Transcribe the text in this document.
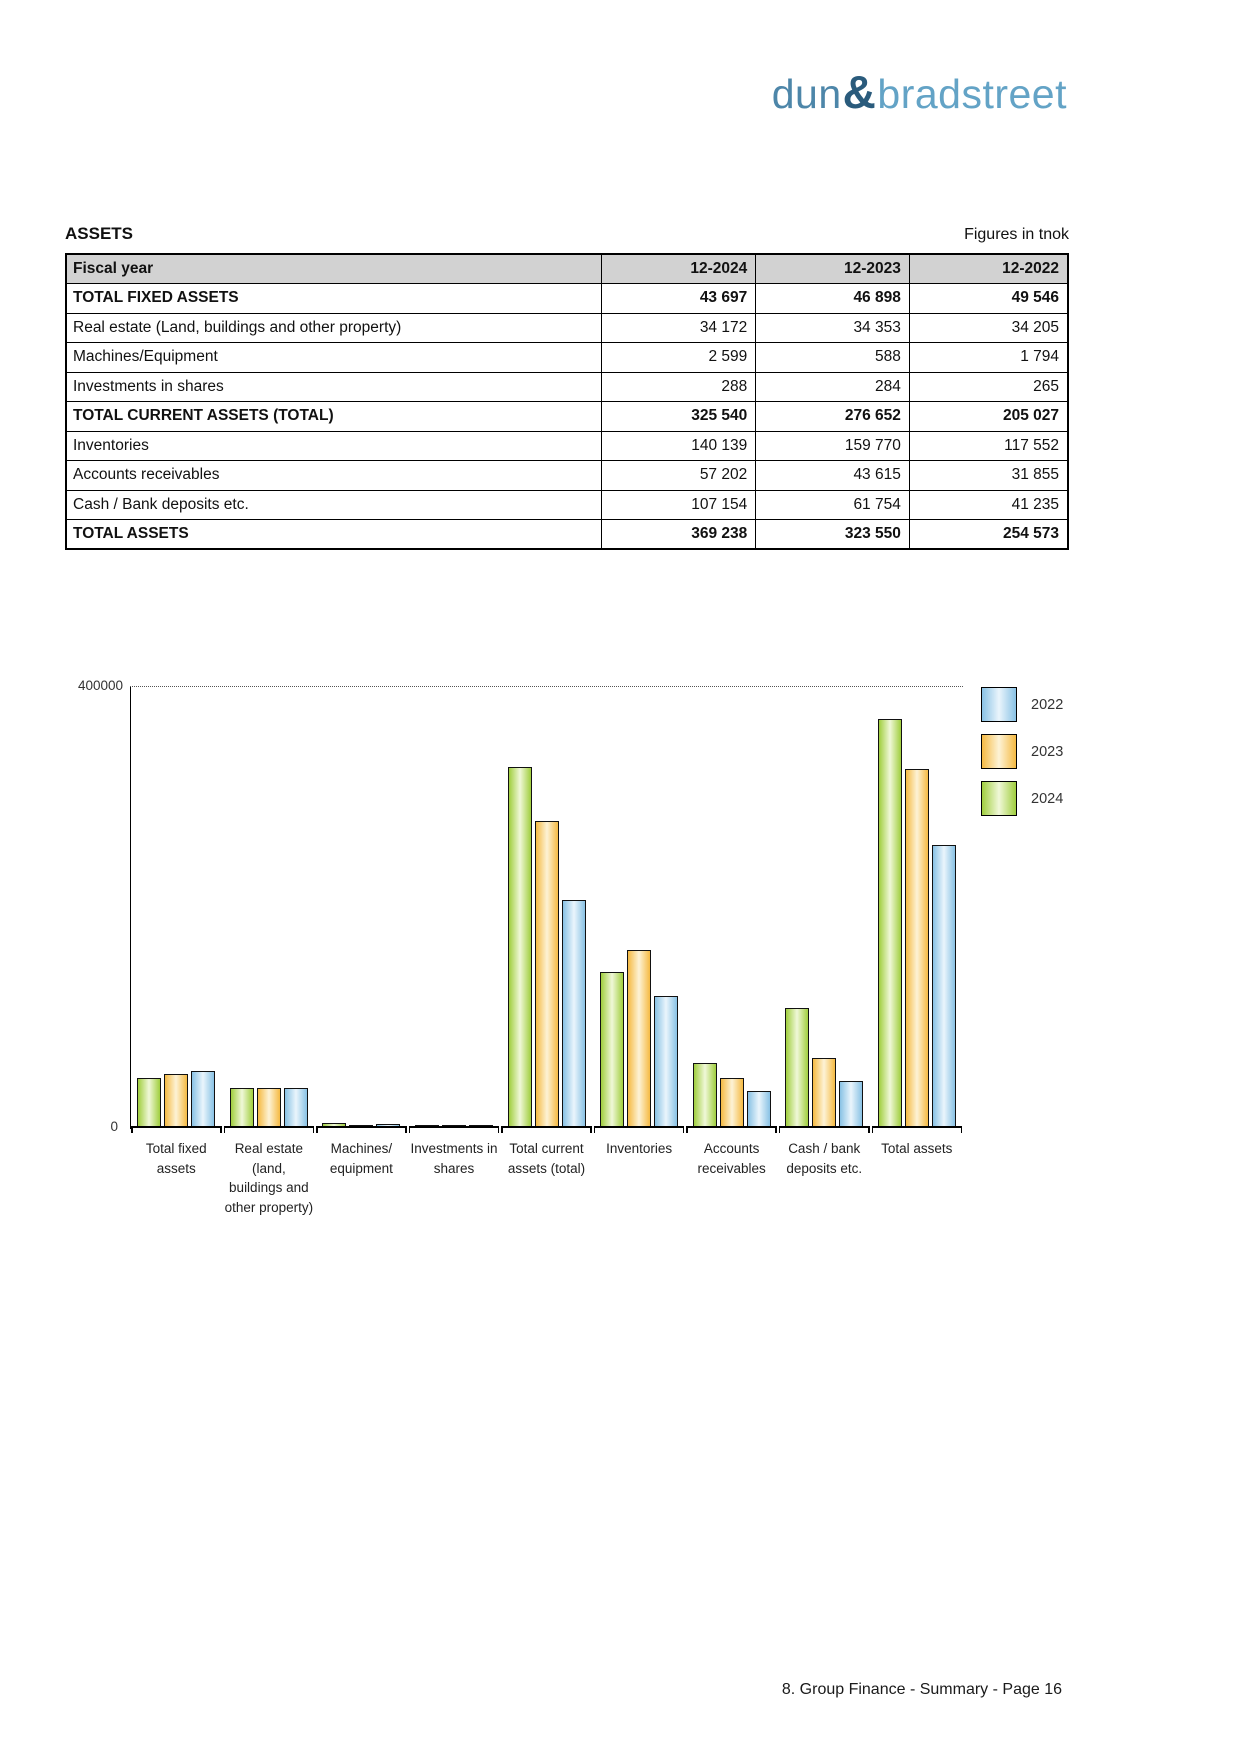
dun&bradstreet
ASSETS	Figures in tnok
Fiscal year	12-2024	12-2023	12-2022
TOTAL FIXED ASSETS	43 697	46 898	49 546
Real estate (Land, buildings and other property)	34 172	34 353	34 205
Machines/Equipment	2 599	588	1 794
Investments in shares	288	284	265
TOTAL CURRENT ASSETS (TOTAL)	325 540	276 652	205 027
Inventories	140 139	159 770	117 552
Accounts receivables	57 202	43 615	31 855
Cash / Bank deposits etc.	107 154	61 754	41 235
TOTAL ASSETS	369 238	323 550	254 573
400000
0
Total fixed
assets
Real estate
(land,
buildings and
other property)
Machines/
equipment
Investments in
shares
Total current
assets (total)
Inventories	Accounts
receivables
Cash / bank
deposits etc.
Total assets
2022
2023
2024
8. Group Finance - Summary - Page 16
